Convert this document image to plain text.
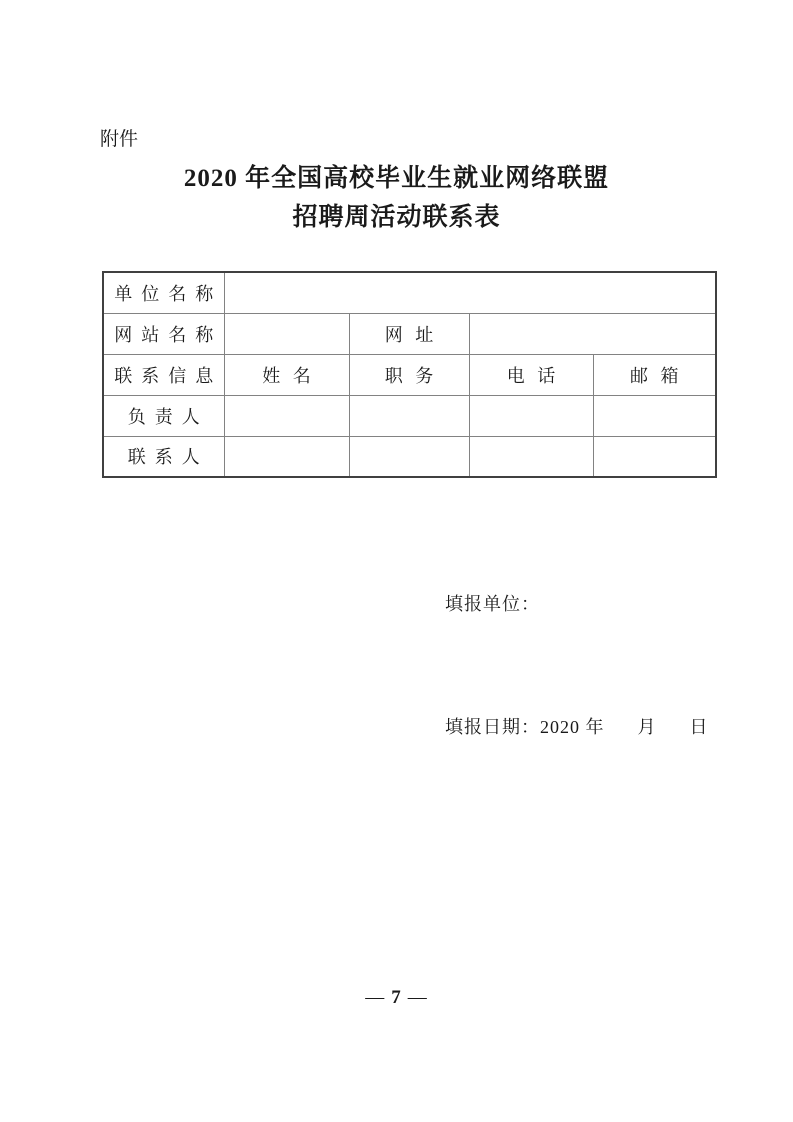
附件
2020 年全国高校毕业生就业网络联盟
招聘周活动联系表
单位名称				
网站名称		网址		
联系信息	姓名	职务	电话	邮箱
负责人				
联系人				

填报单位：

填报日期：2020 年      月      日

— 7 —
